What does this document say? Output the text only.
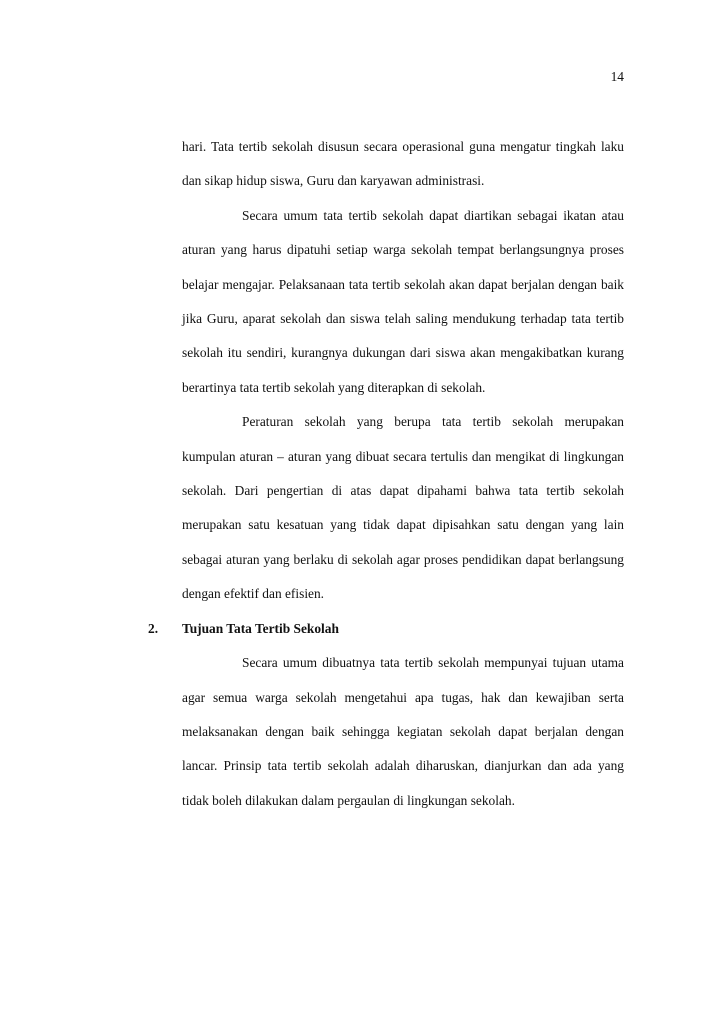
14

hari. Tata tertib sekolah disusun secara operasional guna mengatur tingkah laku dan sikap hidup siswa, Guru dan karyawan administrasi.

Secara umum tata tertib sekolah dapat diartikan sebagai ikatan atau aturan yang harus dipatuhi setiap warga sekolah tempat berlangsungnya proses belajar mengajar. Pelaksanaan tata tertib sekolah akan dapat berjalan dengan baik jika Guru, aparat sekolah dan siswa telah saling mendukung terhadap tata tertib sekolah itu sendiri, kurangnya dukungan dari siswa akan mengakibatkan kurang berartinya tata tertib sekolah yang diterapkan di sekolah.

Peraturan sekolah yang berupa tata tertib sekolah merupakan kumpulan aturan – aturan yang dibuat secara tertulis dan mengikat di lingkungan sekolah. Dari pengertian di atas dapat dipahami bahwa tata tertib sekolah merupakan satu kesatuan yang tidak dapat dipisahkan satu dengan yang lain sebagai aturan yang berlaku di sekolah agar proses pendidikan dapat berlangsung dengan efektif dan efisien.

2. Tujuan Tata Tertib Sekolah

Secara umum dibuatnya tata tertib sekolah mempunyai tujuan utama agar semua warga sekolah mengetahui apa tugas, hak dan kewajiban serta melaksanakan dengan baik sehingga kegiatan sekolah dapat berjalan dengan lancar. Prinsip tata tertib sekolah adalah diharuskan, dianjurkan dan ada yang tidak boleh dilakukan dalam pergaulan di lingkungan sekolah.
